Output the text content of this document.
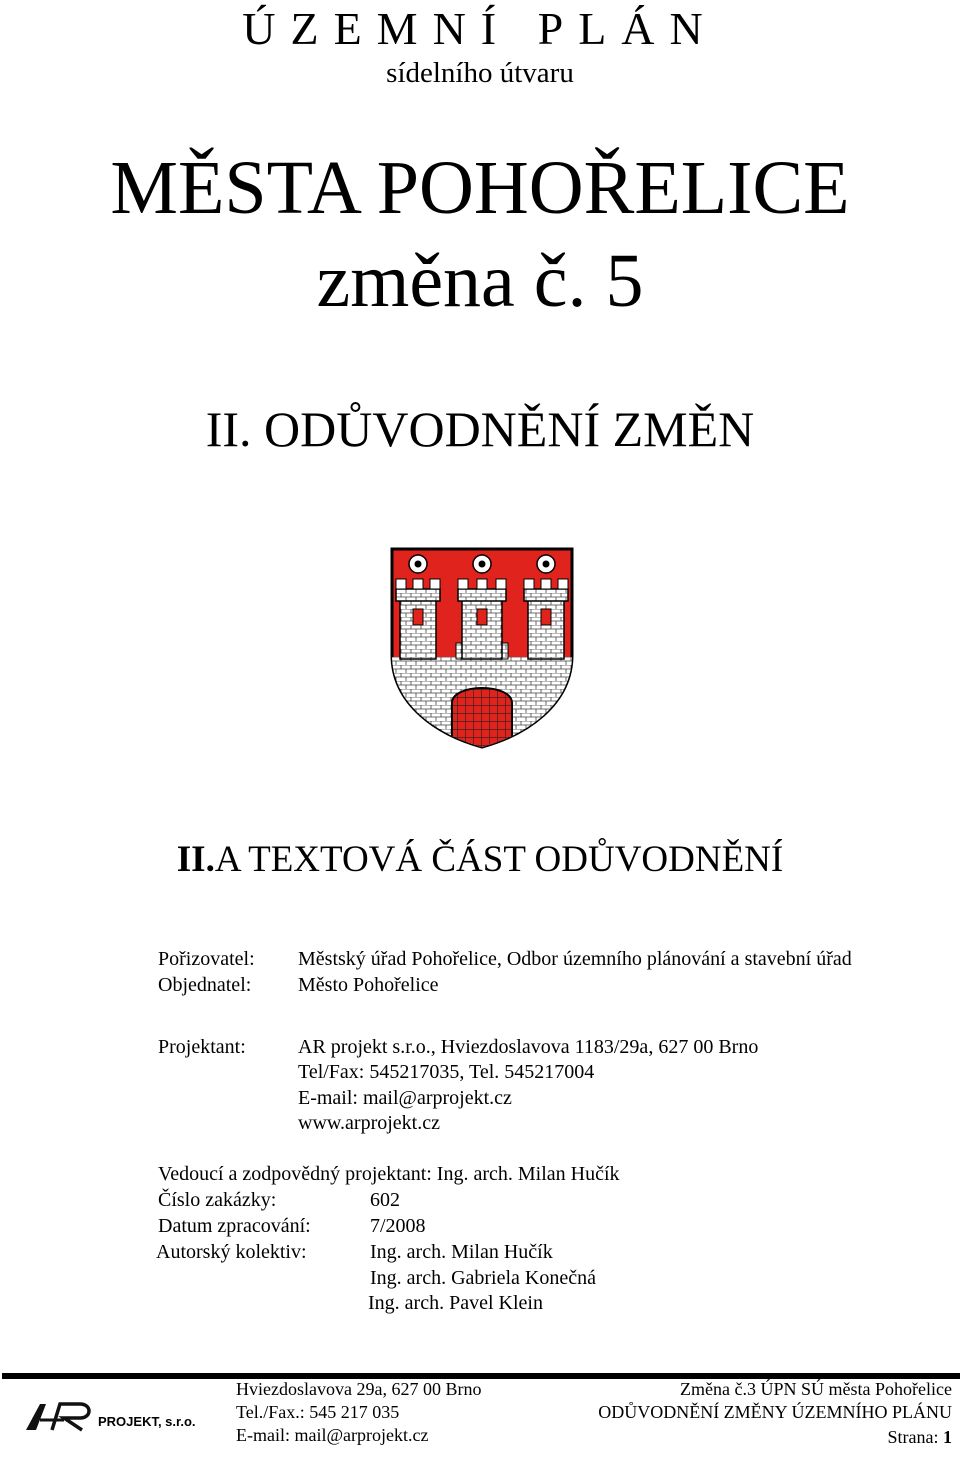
ÚZEMNÍ PLÁN
sídelního útvaru
MĚSTA POHOŘELICE
změna č. 5
II. ODŮVODNĚNÍ ZMĚN
II.A TEXTOVÁ ČÁST ODŮVODNĚNÍ
Pořizovatel: Městský úřad Pohořelice, Odbor územního plánování a stavební úřad
Objednatel: Město Pohořelice
Projektant:	AR projekt s.r.o., Hviezdoslavova 1183/29a, 627 00 Brno
Tel/Fax: 545217035, Tel. 545217004
E-mail: mail@arprojekt.cz
www.arprojekt.cz
Vedoucí a zodpovědný projektant: Ing. arch. Milan Hučík
Číslo zakázky:	602
Datum zpracování:	7/2008
Autorský kolektiv:	Ing. arch. Milan Hučík
Ing. arch. Gabriela Konečná
Ing. arch. Pavel Klein
PROJEKT, s.r.o.
Hviezdoslavova 29a, 627 00 Brno
Tel./Fax.: 545 217 035
E-mail: mail@arprojekt.cz
Změna č.3 ÚPN SÚ města Pohořelice
ODŮVODNĚNÍ ZMĚNY ÚZEMNÍHO PLÁNU
Strana: 1
